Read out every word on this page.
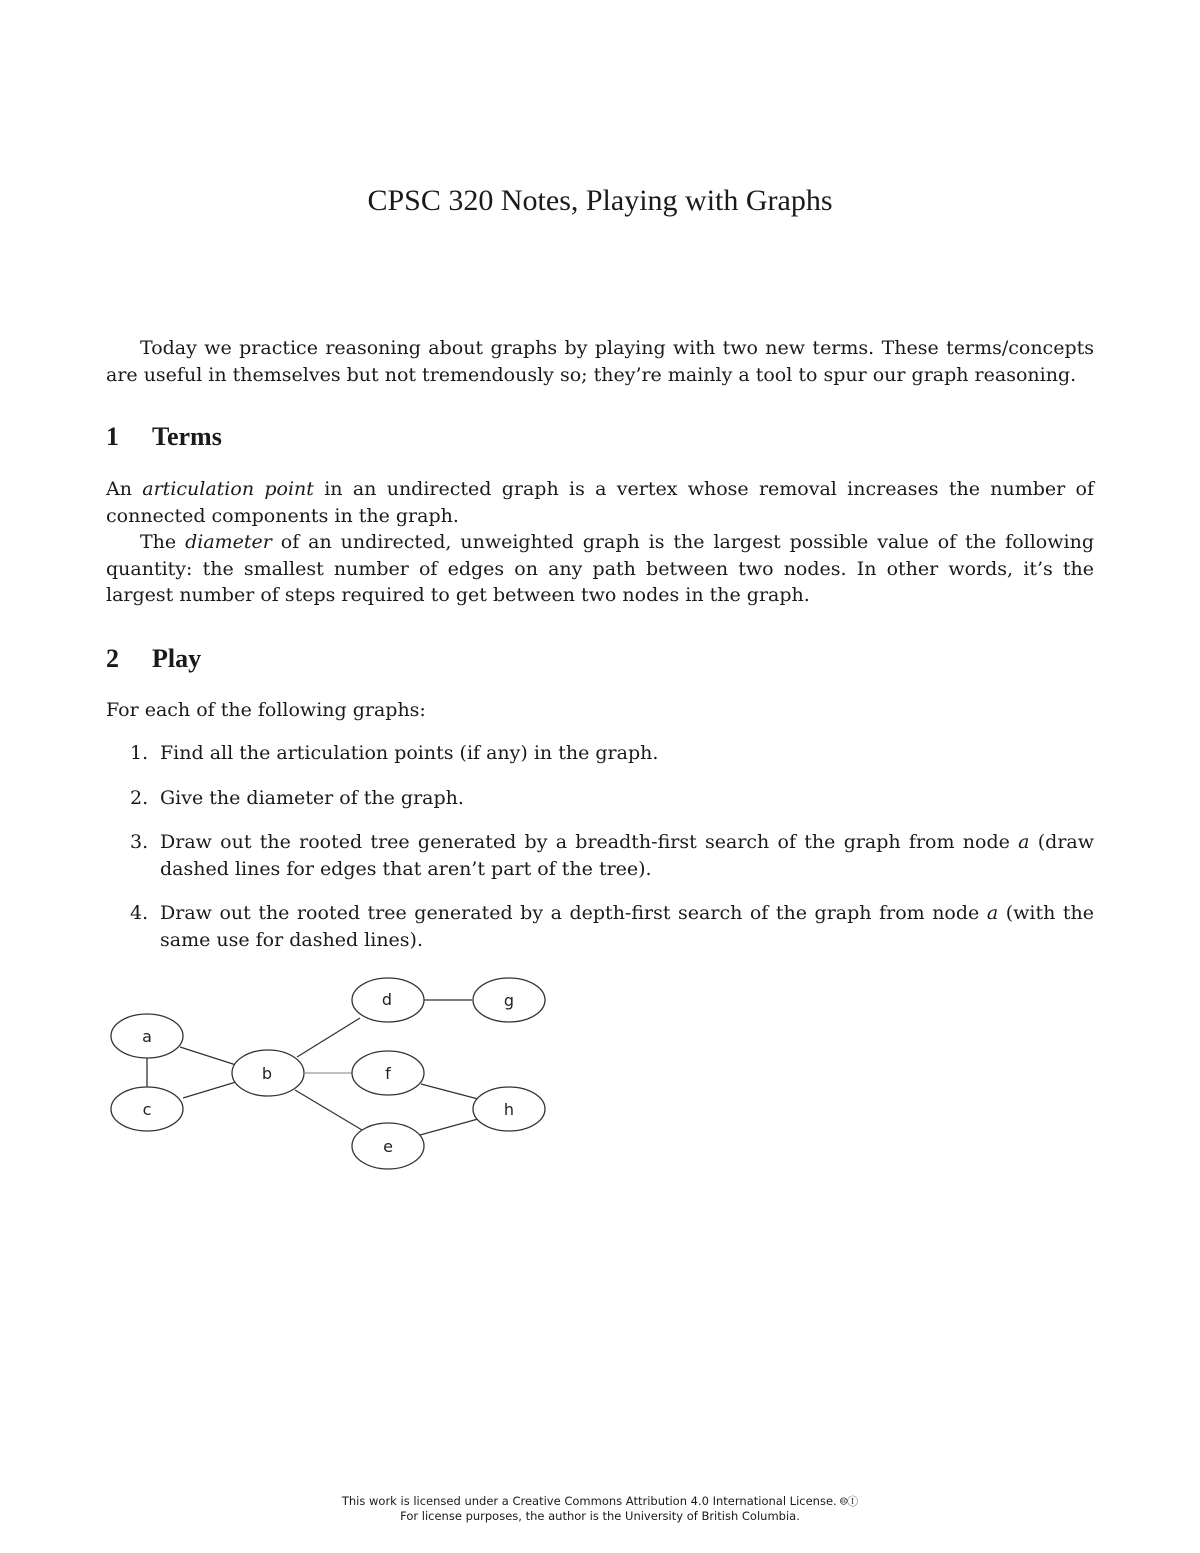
CPSC 320 Notes, Playing with Graphs

Today we practice reasoning about graphs by playing with two new terms. These terms/concepts are useful in themselves but not tremendously so; they’re mainly a tool to spur our graph reasoning.

1 Terms

An articulation point in an undirected graph is a vertex whose removal increases the number of connected components in the graph.

The diameter of an undirected, unweighted graph is the largest possible value of the following quantity: the smallest number of edges on any path between two nodes. In other words, it’s the largest number of steps required to get between two nodes in the graph.

2 Play

For each of the following graphs:

1. Find all the articulation points (if any) in the graph.
2. Give the diameter of the graph.
3. Draw out the rooted tree generated by a breadth-first search of the graph from node a (draw dashed lines for edges that aren’t part of the tree).
4. Draw out the rooted tree generated by a depth-first search of the graph from node a (with the same use for dashed lines).
a
c
b
d
f
e
g
h
This work is licensed under a Creative Commons Attribution 4.0 International License. 🅭Ⓘ
For license purposes, the author is the University of British Columbia.
